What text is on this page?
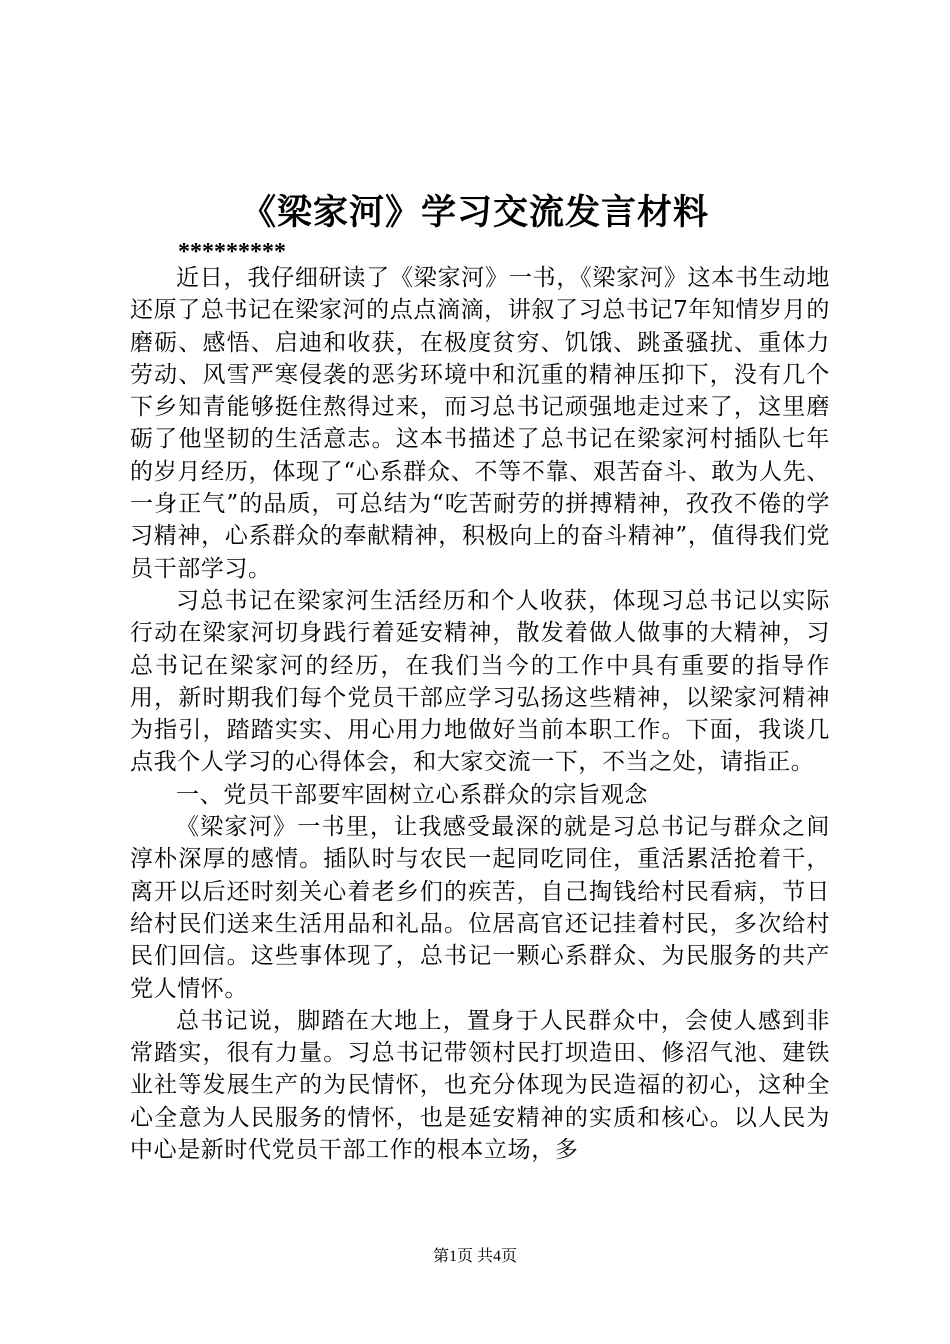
《梁家河》学习交流发言材料
*********

近日，我仔细研读了《梁家河》一书，《梁家河》这本书生动地还原了总书记在梁家河的点点滴滴，讲叙了习总书记7年知情岁月的磨砺、感悟、启迪和收获，在极度贫穷、饥饿、跳蚤骚扰、重体力劳动、风雪严寒侵袭的恶劣环境中和沉重的精神压抑下，没有几个下乡知青能够挺住熬得过来，而习总书记顽强地走过来了，这里磨砺了他坚韧的生活意志。这本书描述了总书记在梁家河村插队七年的岁月经历，体现了“心系群众、不等不靠、艰苦奋斗、敢为人先、一身正气”的品质，可总结为“吃苦耐劳的拼搏精神，孜孜不倦的学习精神，心系群众的奉献精神，积极向上的奋斗精神”，值得我们党员干部学习。

习总书记在梁家河生活经历和个人收获，体现习总书记以实际行动在梁家河切身践行着延安精神，散发着做人做事的大精神，习总书记在梁家河的经历，在我们当今的工作中具有重要的指导作用，新时期我们每个党员干部应学习弘扬这些精神，以梁家河精神为指引，踏踏实实、用心用力地做好当前本职工作。下面，我谈几点我个人学习的心得体会，和大家交流一下，不当之处，请指正。

一、党员干部要牢固树立心系群众的宗旨观念

《梁家河》一书里，让我感受最深的就是习总书记与群众之间淳朴深厚的感情。插队时与农民一起同吃同住，重活累活抢着干，离开以后还时刻关心着老乡们的疾苦，自己掏钱给村民看病，节日给村民们送来生活用品和礼品。位居高官还记挂着村民，多次给村民们回信。这些事体现了，总书记一颗心系群众、为民服务的共产党人情怀。

总书记说，脚踏在大地上，置身于人民群众中，会使人感到非常踏实，很有力量。习总书记带领村民打坝造田、修沼气池、建铁业社等发展生产的为民情怀，也充分体现为民造福的初心，这种全心全意为人民服务的情怀，也是延安精神的实质和核心。以人民为中心是新时代党员干部工作的根本立场，多

第1页 共4页
